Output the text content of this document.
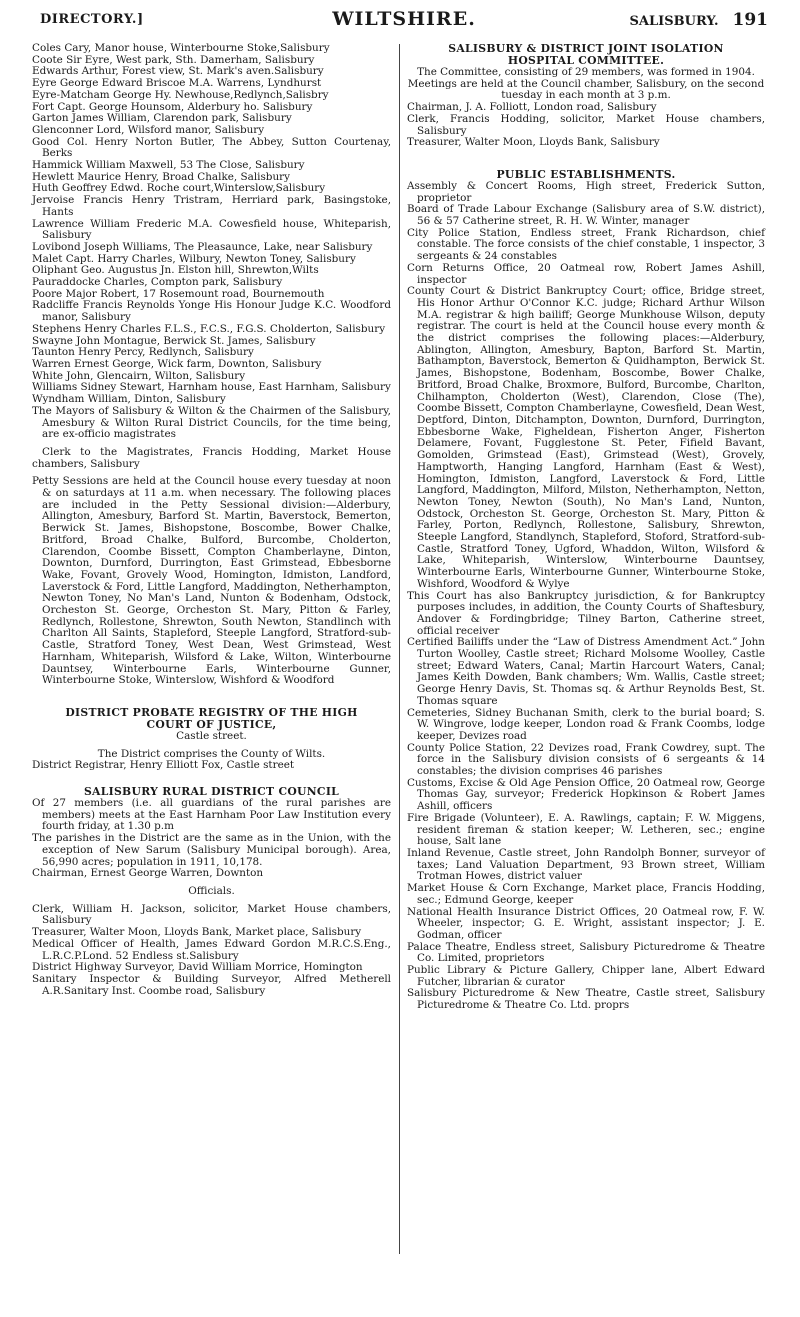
DIRECTORY.]	WILTSHIRE.	SALISBURY. 191
Coles Cary, Manor house, Winterbourne Stoke,Salisbury
Coote Sir Eyre, West park, Sth. Damerham, Salisbury
Edwards Arthur, Forest view, St. Mark's aven.Salisbury
Eyre George Edward Briscoe M.A. Warrens, Lyndhurst
Eyre-Matcham George Hy. Newhouse,Redlynch,Salisbry
Fort Capt. George Hounsom, Alderbury ho. Salisbury
Garton James William, Clarendon park, Salisbury
Glenconner Lord, Wilsford manor, Salisbury
Good Col. Henry Norton Butler, The Abbey, Sutton Courtenay, Berks
Hammick William Maxwell, 53 The Close, Salisbury
Hewlett Maurice Henry, Broad Chalke, Salisbury
Huth Geoffrey Edwd. Roche court,Winterslow,Salisbury
Jervoise Francis Henry Tristram, Herriard park, Basingstoke, Hants
Lawrence William Frederic M.A. Cowesfield house, Whiteparish, Salisbury
Lovibond Joseph Williams, The Pleasaunce, Lake, near Salisbury
Malet Capt. Harry Charles, Wilbury, Newton Toney, Salisbury
Oliphant Geo. Augustus Jn. Elston hill, Shrewton,Wilts
Pauraddocke Charles, Compton park, Salisbury
Poore Major Robert, 17 Rosemount road, Bournemouth
Radcliffe Francis Reynolds Yonge His Honour Judge K.C. Woodford manor, Salisbury
Stephens Henry Charles F.L.S., F.C.S., F.G.S. Cholderton, Salisbury
Swayne John Montague, Berwick St. James, Salisbury
Taunton Henry Percy, Redlynch, Salisbury
Warren Ernest George, Wick farm, Downton, Salisbury
White John, Glencairn, Wilton, Salisbury
Williams Sidney Stewart, Harnham house, East Harnham, Salisbury
Wyndham William, Dinton, Salisbury
The Mayors of Salisbury & Wilton & the Chairmen of the Salisbury, Amesbury & Wilton Rural District Councils, for the time being, are ex-officio magistrates
Clerk to the Magistrates, Francis Hodding, Market House chambers, Salisbury
Petty Sessions are held at the Council house every tuesday at noon & on saturdays at 11 a.m. when necessary. The following places are included in the Petty Sessional division:—Alderbury, Allington, Amesbury, Barford St. Martin, Baverstock, Bemerton, Berwick St. James, Bishopstone, Boscombe, Bower Chalke, Britford, Broad Chalke, Bulford, Burcombe, Cholderton, Clarendon, Coombe Bissett, Compton Chamberlayne, Dinton, Downton, Durnford, Durrington, East Grimstead, Ebbesborne Wake, Fovant, Grovely Wood, Homington, Idmiston, Landford, Laverstock & Ford, Little Langford, Maddington, Netherhampton, Newton Toney, No Man's Land, Nunton & Bodenham, Odstock, Orcheston St. George, Orcheston St. Mary, Pitton & Farley, Redlynch, Rollestone, Shrewton, South Newton, Standlinch with Charlton All Saints, Stapleford, Steeple Langford, Stratford-sub-Castle, Stratford Toney, West Dean, West Grimstead, West Harnham, Whiteparish, Wilsford & Lake, Wilton, Winterbourne Dauntsey, Winterbourne Earls, Winterbourne Gunner, Winterbourne Stoke, Winterslow, Wishford & Woodford
DISTRICT PROBATE REGISTRY OF THE HIGH
COURT OF JUSTICE,
Castle street.
The District comprises the County of Wilts.
District Registrar, Henry Elliott Fox, Castle street
SALISBURY RURAL DISTRICT COUNCIL
Of 27 members (i.e. all guardians of the rural parishes are members) meets at the East Harnham Poor Law Institution every fourth friday, at 1.30 p.m
The parishes in the District are the same as in the Union, with the exception of New Sarum (Salisbury Municipal borough). Area, 56,990 acres; population in 1911, 10,178.
Chairman, Ernest George Warren, Downton
Officials.
Clerk, William H. Jackson, solicitor, Market House chambers, Salisbury
Treasurer, Walter Moon, Lloyds Bank, Market place, Salisbury
Medical Officer of Health, James Edward Gordon M.R.C.S.Eng., L.R.C.P.Lond. 52 Endless st.Salisbury
District Highway Surveyor, David William Morrice, Homington
Sanitary Inspector & Building Surveyor, Alfred Metherell A.R.Sanitary Inst. Coombe road, Salisbury
SALISBURY & DISTRICT JOINT ISOLATION
HOSPITAL COMMITTEE.
The Committee, consisting of 29 members, was formed in 1904.
Meetings are held at the Council chamber, Salisbury, on the second tuesday in each month at 3 p.m.
Chairman, J. A. Folliott, London road, Salisbury
Clerk, Francis Hodding, solicitor, Market House chambers, Salisbury
Treasurer, Walter Moon, Lloyds Bank, Salisbury
PUBLIC ESTABLISHMENTS.
Assembly & Concert Rooms, High street, Frederick Sutton, proprietor
Board of Trade Labour Exchange (Salisbury area of S.W. district), 56 & 57 Catherine street, R. H. W. Winter, manager
City Police Station, Endless street, Frank Richardson, chief constable. The force consists of the chief constable, 1 inspector, 3 sergeants & 24 constables
Corn Returns Office, 20 Oatmeal row, Robert James Ashill, inspector
County Court & District Bankruptcy Court; office, Bridge street, His Honor Arthur O'Connor K.C. judge; Richard Arthur Wilson M.A. registrar & high bailiff; George Munkhouse Wilson, deputy registrar. The court is held at the Council house every month & the district comprises the following places:—Alderbury, Ablington, Allington, Amesbury, Bapton, Barford St. Martin, Bathampton, Baverstock, Bemerton & Quidhampton, Berwick St. James, Bishopstone, Bodenham, Boscombe, Bower Chalke, Britford, Broad Chalke, Broxmore, Bulford, Burcombe, Charlton, Chilhampton, Cholderton (West), Clarendon, Close (The), Coombe Bissett, Compton Chamberlayne, Cowesfield, Dean West, Deptford, Dinton, Ditchampton, Downton, Durnford, Durrington, Ebbesborne Wake, Figheldean, Fisherton Anger, Fisherton Delamere, Fovant, Fugglestone St. Peter, Fifield Bavant, Gomolden, Grimstead (East), Grimstead (West), Grovely, Hamptworth, Hanging Langford, Harnham (East & West), Homington, Idmiston, Langford, Laverstock & Ford, Little Langford, Maddington, Milford, Milston, Netherhampton, Netton, Newton Toney, Newton (South), No Man's Land, Nunton, Odstock, Orcheston St. George, Orcheston St. Mary, Pitton & Farley, Porton, Redlynch, Rollestone, Salisbury, Shrewton, Steeple Langford, Standlynch, Stapleford, Stoford, Stratford-sub-Castle, Stratford Toney, Ugford, Whaddon, Wilton, Wilsford & Lake, Whiteparish, Winterslow, Winterbourne Dauntsey, Winterbourne Earls, Winterbourne Gunner, Winterbourne Stoke, Wishford, Woodford & Wylye
This Court has also Bankruptcy jurisdiction, & for Bankruptcy purposes includes, in addition, the County Courts of Shaftesbury, Andover & Fordingbridge; Tilney Barton, Catherine street, official receiver
Certified Bailiffs under the “Law of Distress Amendment Act.” John Turton Woolley, Castle street; Richard Molsome Woolley, Castle street; Edward Waters, Canal; Martin Harcourt Waters, Canal; James Keith Dowden, Bank chambers; Wm. Wallis, Castle street; George Henry Davis, St. Thomas sq. & Arthur Reynolds Best, St. Thomas square
Cemeteries, Sidney Buchanan Smith, clerk to the burial board; S. W. Wingrove, lodge keeper, London road & Frank Coombs, lodge keeper, Devizes road
County Police Station, 22 Devizes road, Frank Cowdrey, supt. The force in the Salisbury division consists of 6 sergeants & 14 constables; the division comprises 46 parishes
Customs, Excise & Old Age Pension Office, 20 Oatmeal row, George Thomas Gay, surveyor; Frederick Hopkinson & Robert James Ashill, officers
Fire Brigade (Volunteer), E. A. Rawlings, captain; F. W. Miggens, resident fireman & station keeper; W. Letheren, sec.; engine house, Salt lane
Inland Revenue, Castle street, John Randolph Bonner, surveyor of taxes; Land Valuation Department, 93 Brown street, William Trotman Howes, district valuer
Market House & Corn Exchange, Market place, Francis Hodding, sec.; Edmund George, keeper
National Health Insurance District Offices, 20 Oatmeal row, F. W. Wheeler, inspector; G. E. Wright, assistant inspector; J. E. Godman, officer
Palace Theatre, Endless street, Salisbury Picturedrome & Theatre Co. Limited, proprietors
Public Library & Picture Gallery, Chipper lane, Albert Edward Futcher, librarian & curator
Salisbury Picturedrome & New Theatre, Castle street, Salisbury Picturedrome & Theatre Co. Ltd. proprs
